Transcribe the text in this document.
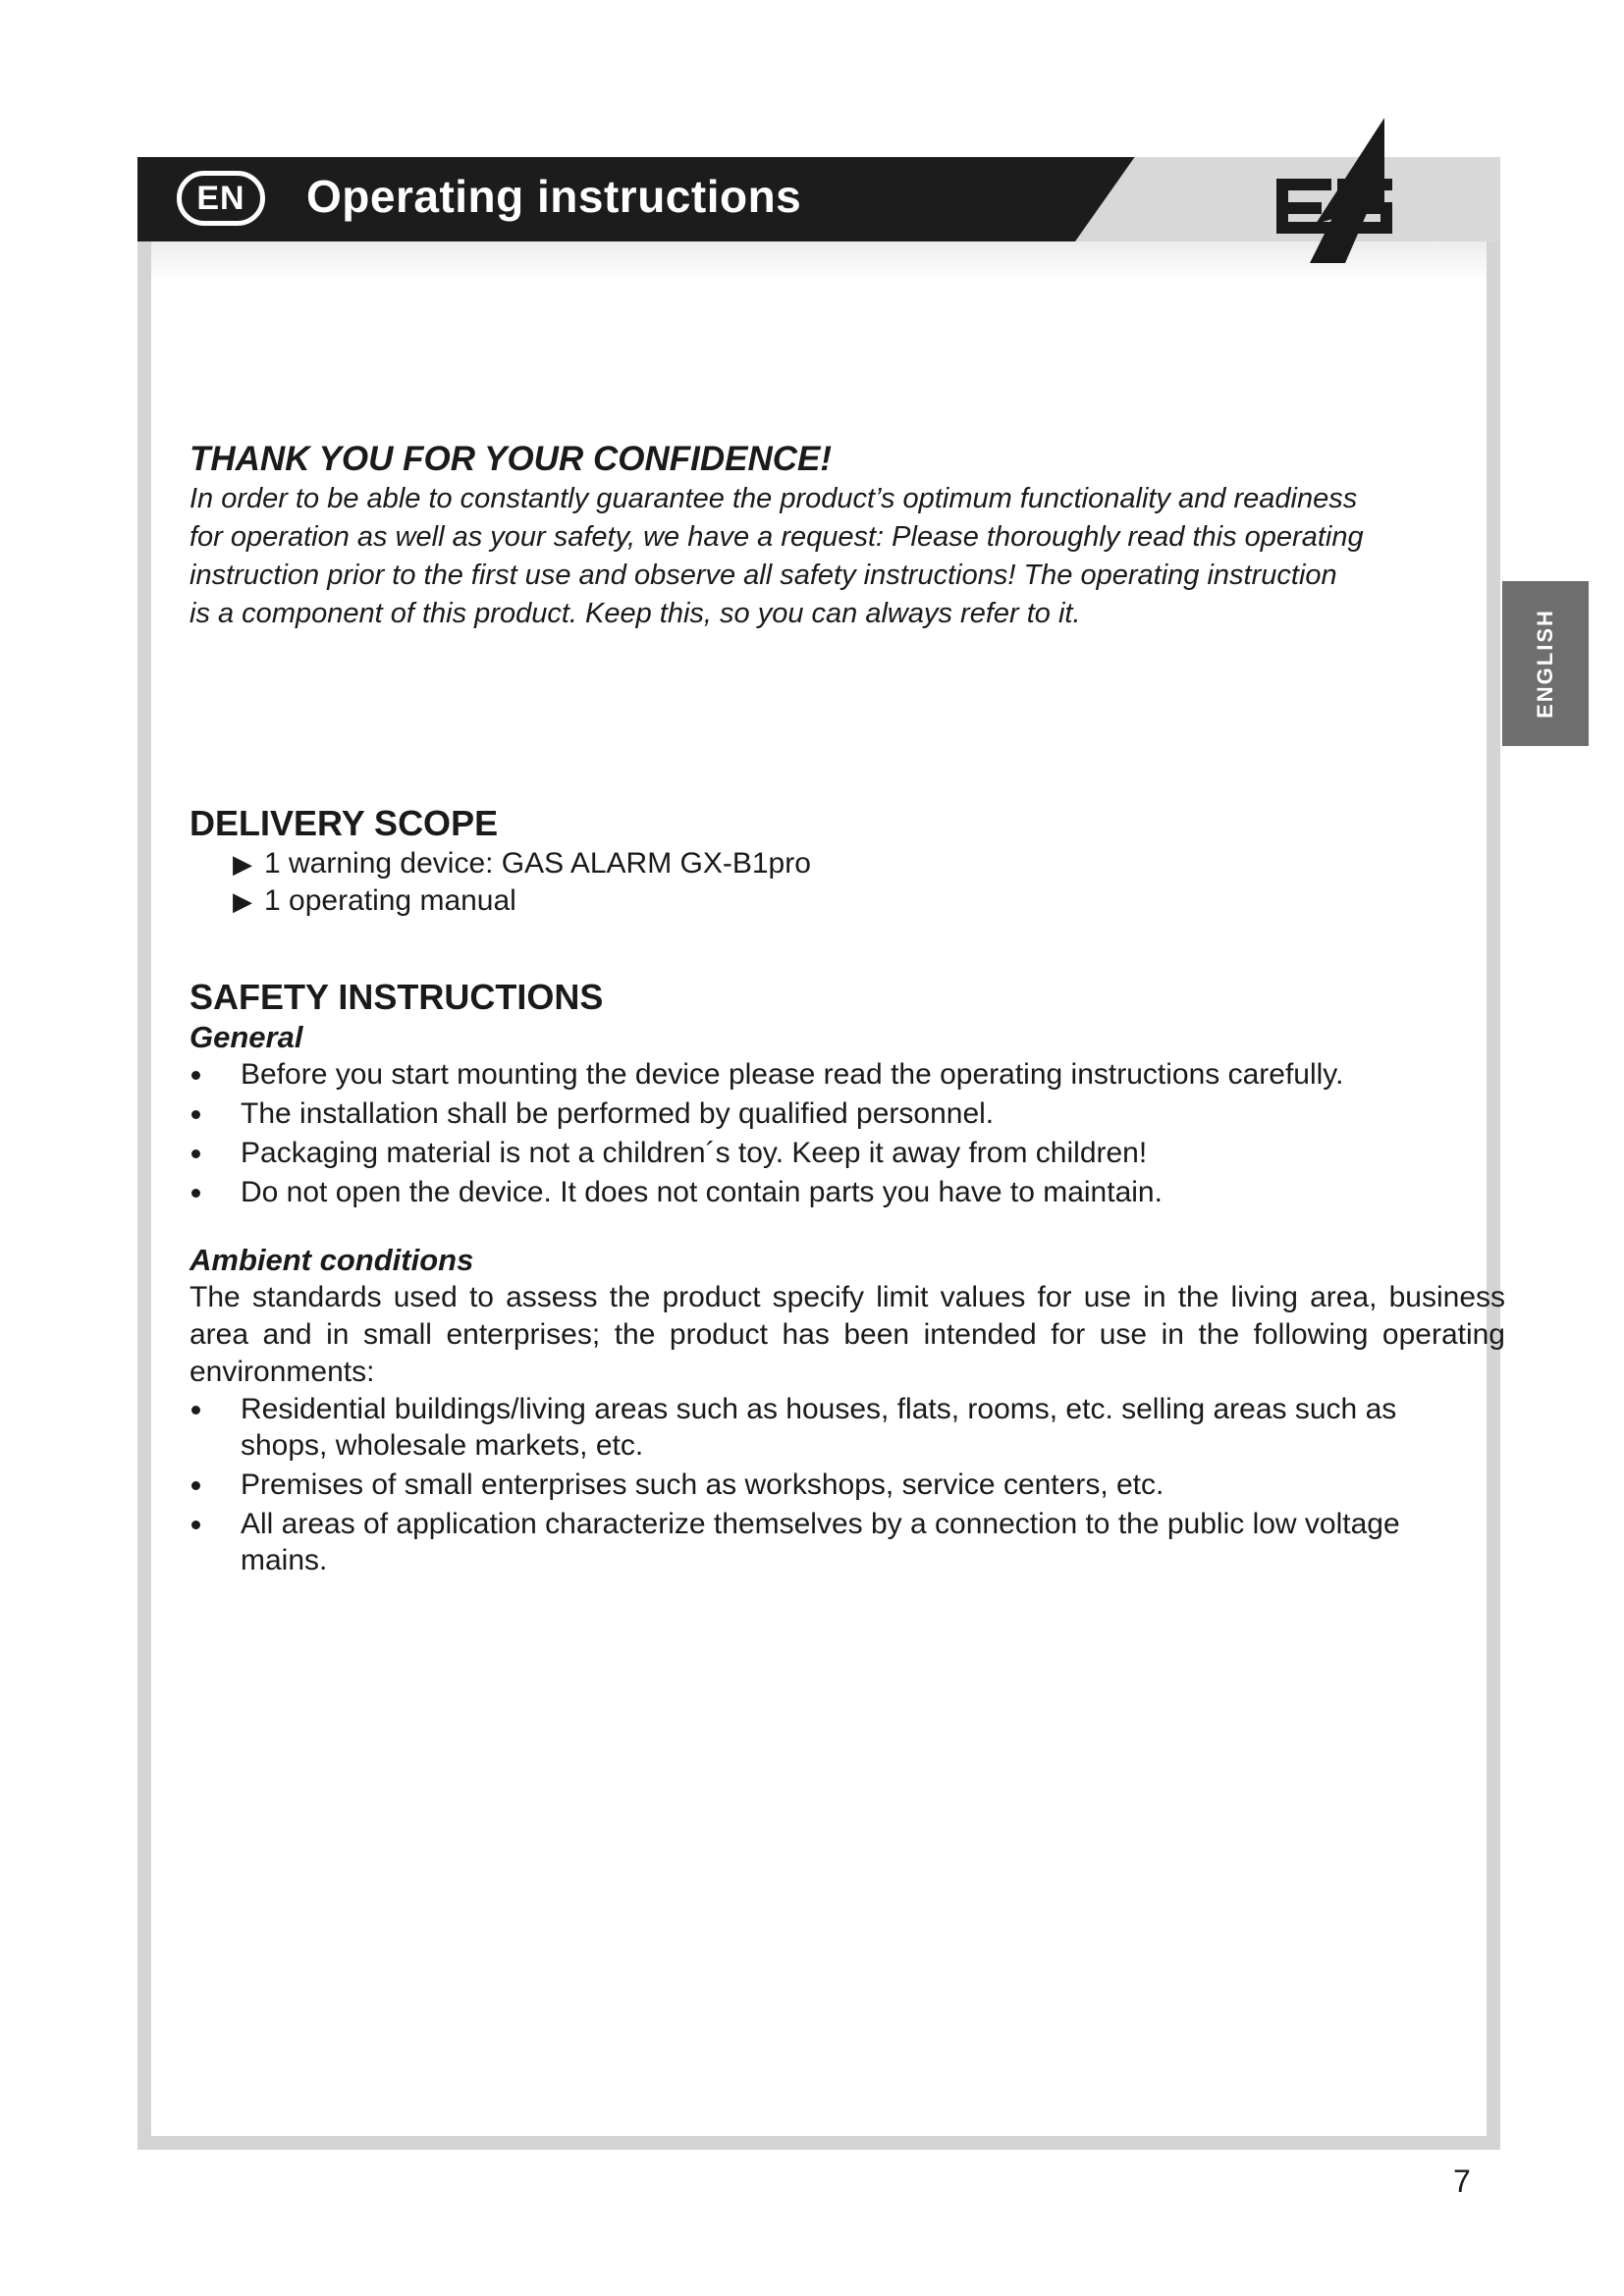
EN	Operating instructions
ENGLISH
THANK YOU FOR YOUR CONFIDENCE!

In order to be able to constantly guarantee the product’s optimum functionality and readiness

for operation as well as your safety, we have a request: Please thoroughly read this operating

instruction prior to the first use and observe all safety instructions! The operating instruction

is a component of this product. Keep this, so you can always refer to it.

DELIVERY SCOPE
▶ 1 warning device: GAS ALARM GX-B1pro
▶ 1 operating manual
SAFETY INSTRUCTIONS
General
Before you start mounting the device please read the operating instructions carefully.
The installation shall be performed by qualified personnel.
Packaging material is not a children´s toy. Keep it away from children!
Do not open the device. It does not contain parts you have to maintain.
Ambient conditions

The standards used to assess the product specify limit values for use in the living area, business area and in small enterprises; the product has been intended for use in the following operating environments:

Residential buildings/living areas such as houses, flats, rooms, etc. selling areas such as shops, wholesale markets, etc.
Premises of small enterprises such as workshops, service centers, etc.
All areas of application characterize themselves by a connection to the public low voltage mains.
7
